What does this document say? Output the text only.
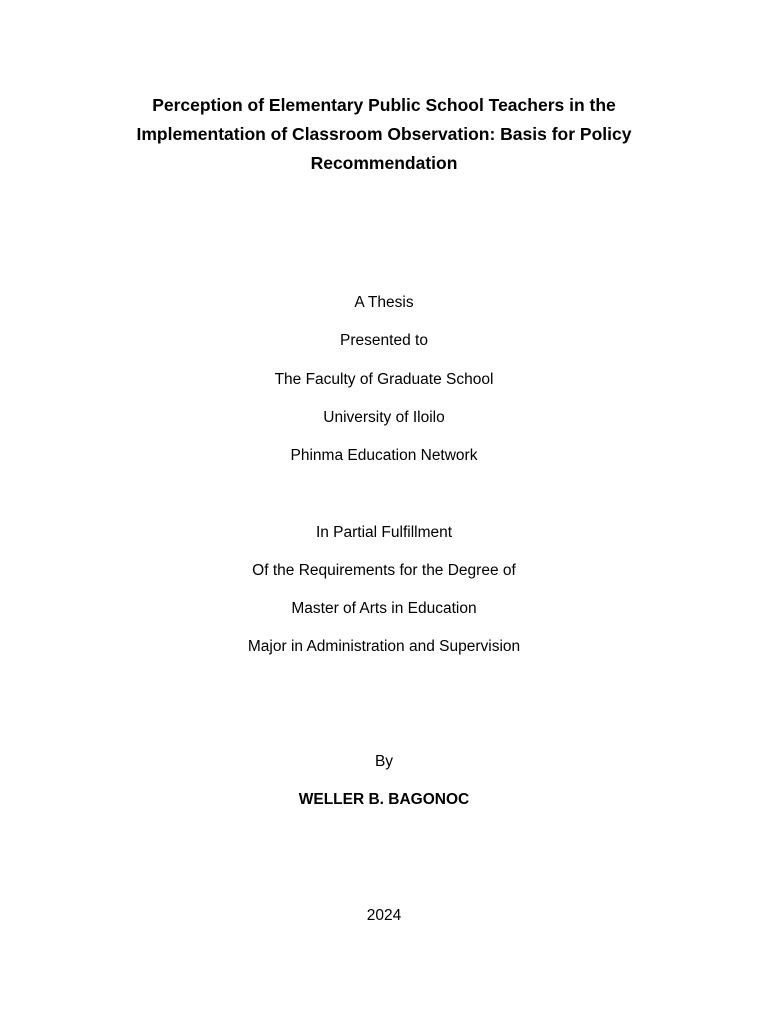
Perception of Elementary Public School Teachers in the
Implementation of Classroom Observation: Basis for Policy
Recommendation
A Thesis
Presented to
The Faculty of Graduate School
University of Iloilo
Phinma Education Network
In Partial Fulfillment
Of the Requirements for the Degree of
Master of Arts in Education
Major in Administration and Supervision
By
WELLER B. BAGONOC
2024
